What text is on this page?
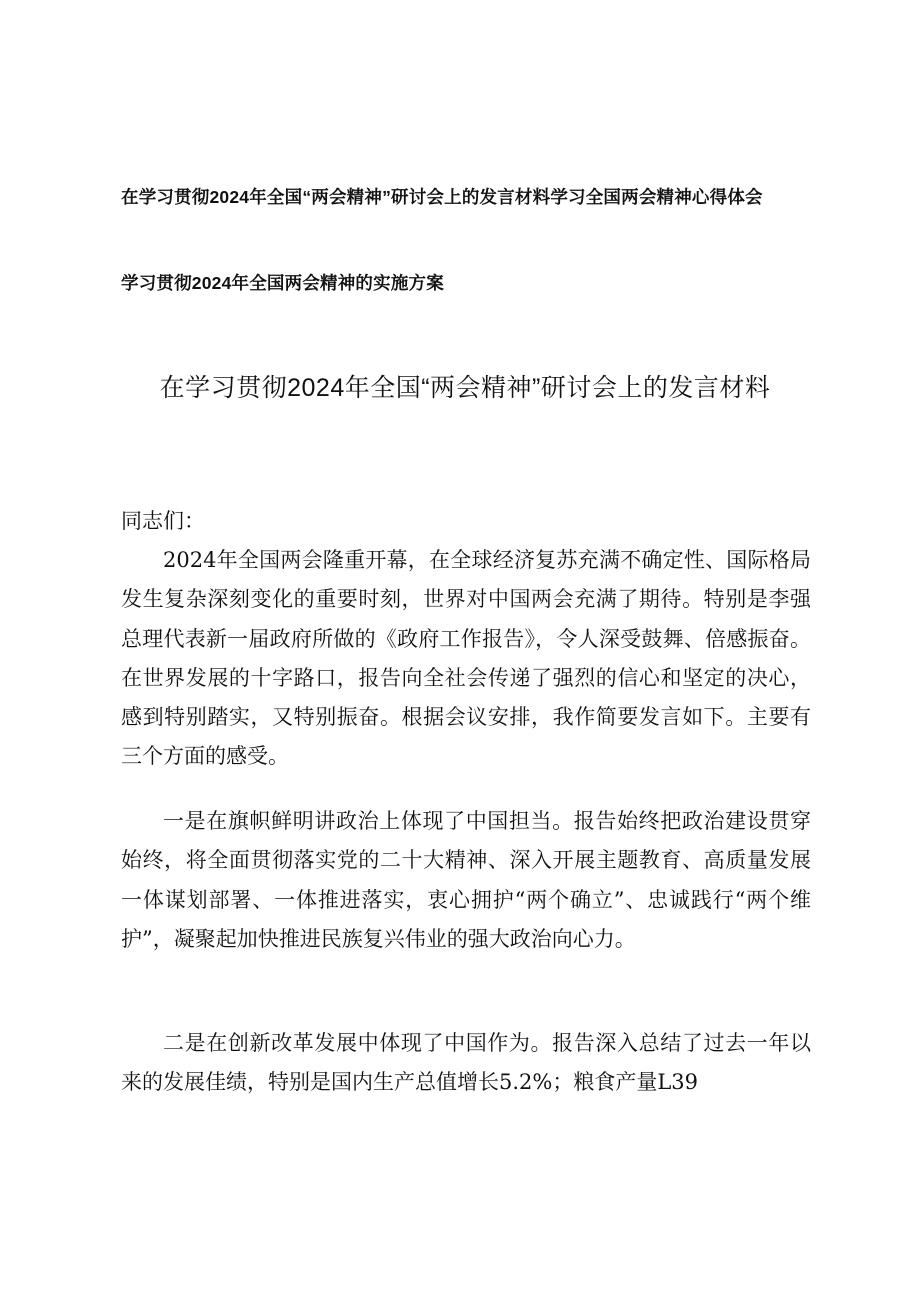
在学习贯彻2024年全国“两会精神”研讨会上的发言材料学习全国两会精神心得体会
学习贯彻2024年全国两会精神的实施方案
在学习贯彻2024年全国“两会精神”研讨会上的发言材料
同志们：

2024年全国两会隆重开幕，在全球经济复苏充满不确定性、国际格局发生复杂深刻变化的重要时刻，世界对中国两会充满了期待。特别是李强总理代表新一届政府所做的《政府工作报告》，令人深受鼓舞、倍感振奋。在世界发展的十字路口，报告向全社会传递了强烈的信心和坚定的决心，感到特别踏实，又特别振奋。根据会议安排，我作简要发言如下。主要有三个方面的感受。

一是在旗帜鲜明讲政治上体现了中国担当。报告始终把政治建设贯穿始终，将全面贯彻落实党的二十大精神、深入开展主题教育、高质量发展一体谋划部署、一体推进落实，衷心拥护“两个确立”、忠诚践行“两个维护”，凝聚起加快推进民族复兴伟业的强大政治向心力。

二是在创新改革发展中体现了中国作为。报告深入总结了过去一年以来的发展佳绩，特别是国内生产总值增长5.2%；粮食产量L39
